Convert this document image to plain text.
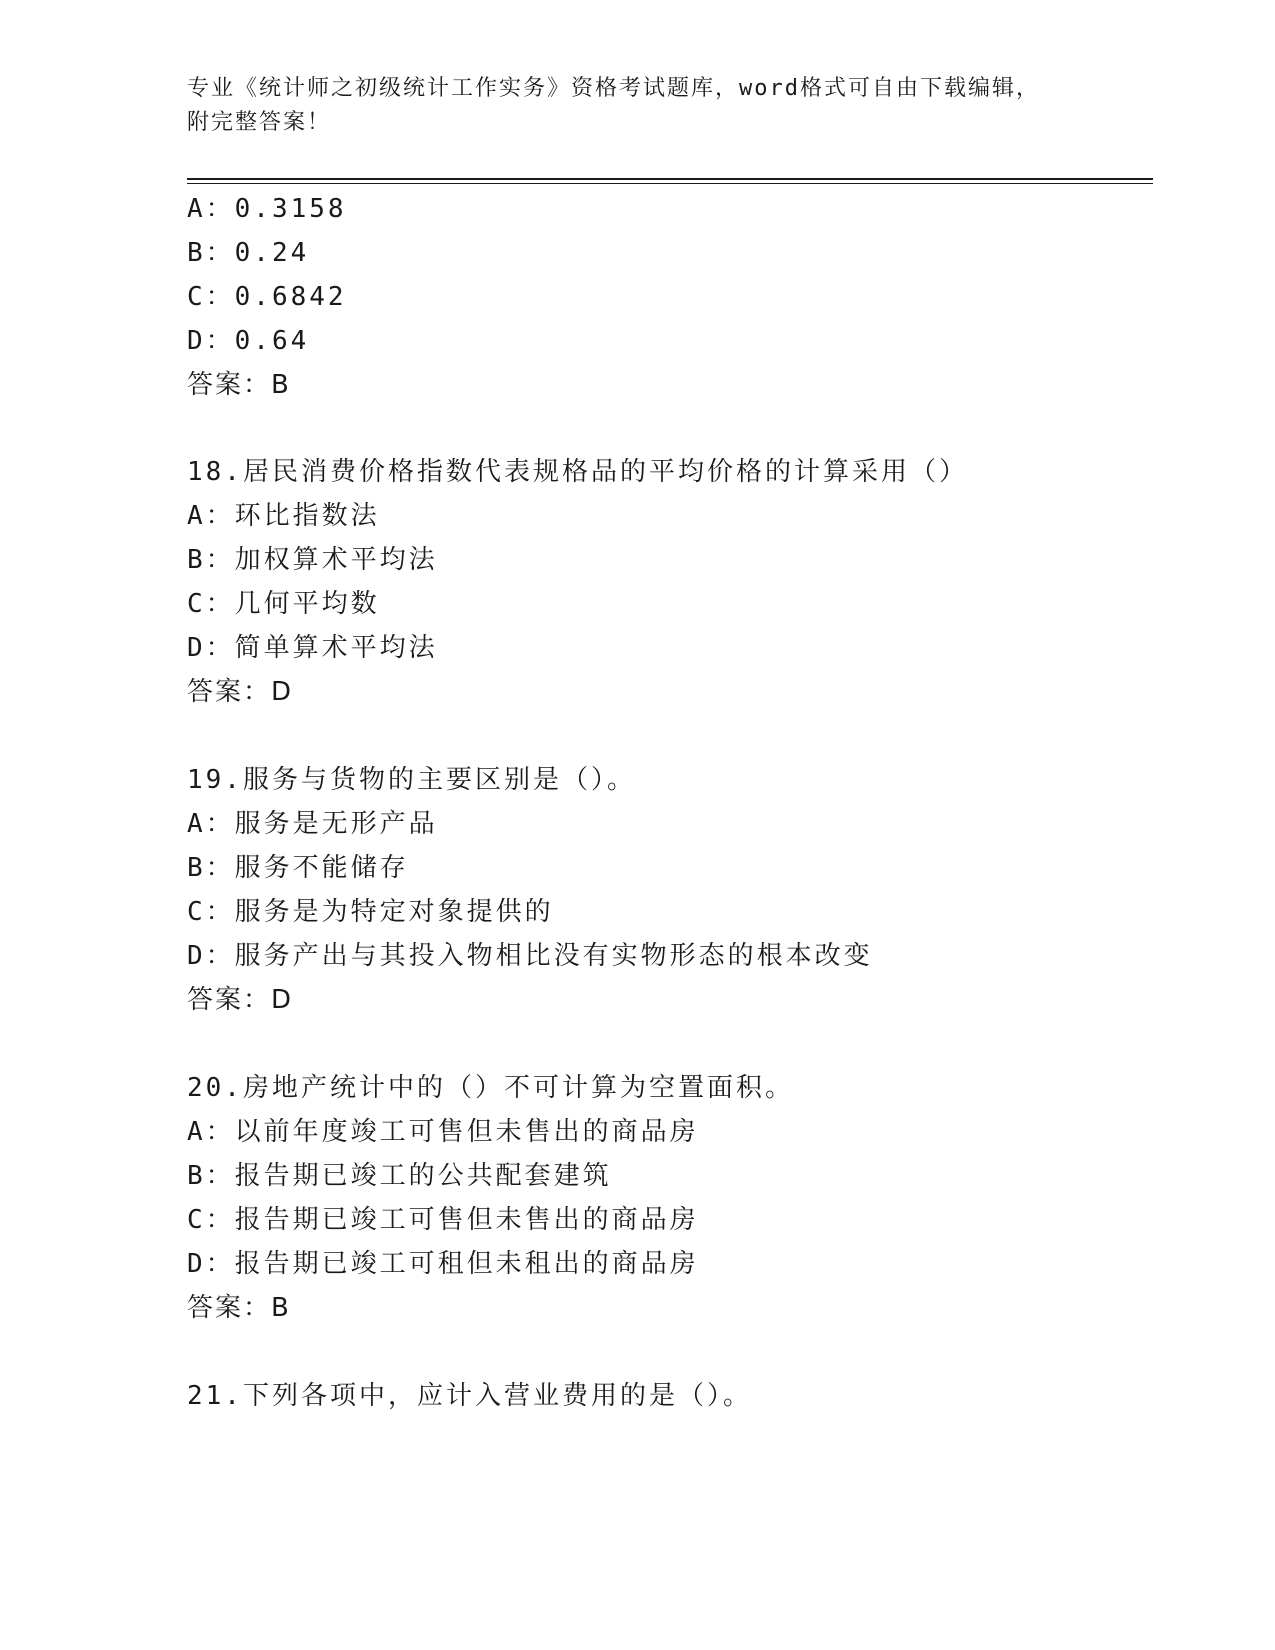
专业《统计师之初级统计工作实务》资格考试题库，word格式可自由下载编辑，
附完整答案！
A：0.3158
B：0.24
C：0.6842
D：0.64
答案：B
18.居民消费价格指数代表规格品的平均价格的计算采用（）
A：环比指数法
B：加权算术平均法
C：几何平均数
D：简单算术平均法
答案：D
19.服务与货物的主要区别是（）。
A：服务是无形产品
B：服务不能储存
C：服务是为特定对象提供的
D：服务产出与其投入物相比没有实物形态的根本改变
答案：D
20.房地产统计中的（）不可计算为空置面积。
A：以前年度竣工可售但未售出的商品房
B：报告期已竣工的公共配套建筑
C：报告期已竣工可售但未售出的商品房
D：报告期已竣工可租但未租出的商品房
答案：B
21.下列各项中，应计入营业费用的是（）。
